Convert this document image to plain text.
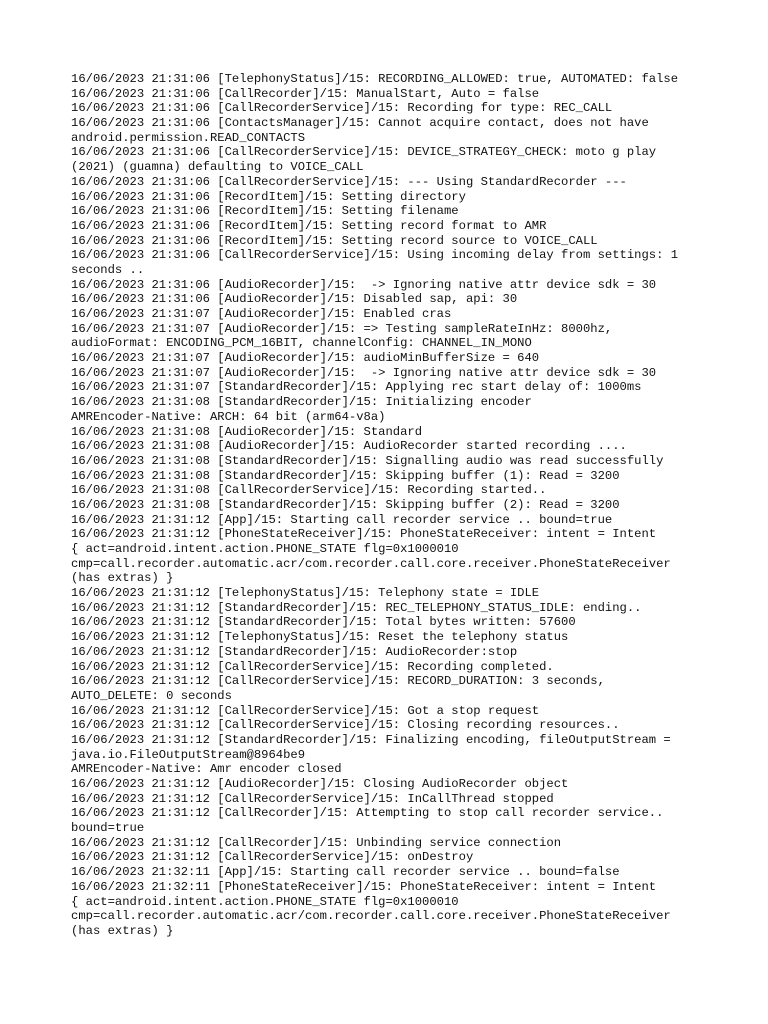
16/06/2023 21:31:06 [TelephonyStatus]/15: RECORDING_ALLOWED: true, AUTOMATED: false
16/06/2023 21:31:06 [CallRecorder]/15: ManualStart, Auto = false
16/06/2023 21:31:06 [CallRecorderService]/15: Recording for type: REC_CALL
16/06/2023 21:31:06 [ContactsManager]/15: Cannot acquire contact, does not have
android.permission.READ_CONTACTS
16/06/2023 21:31:06 [CallRecorderService]/15: DEVICE_STRATEGY_CHECK: moto g play
(2021) (guamna) defaulting to VOICE_CALL
16/06/2023 21:31:06 [CallRecorderService]/15: --- Using StandardRecorder ---
16/06/2023 21:31:06 [RecordItem]/15: Setting directory
16/06/2023 21:31:06 [RecordItem]/15: Setting filename
16/06/2023 21:31:06 [RecordItem]/15: Setting record format to AMR
16/06/2023 21:31:06 [RecordItem]/15: Setting record source to VOICE_CALL
16/06/2023 21:31:06 [CallRecorderService]/15: Using incoming delay from settings: 1
seconds ..
16/06/2023 21:31:06 [AudioRecorder]/15:  -> Ignoring native attr device sdk = 30
16/06/2023 21:31:06 [AudioRecorder]/15: Disabled sap, api: 30
16/06/2023 21:31:07 [AudioRecorder]/15: Enabled cras
16/06/2023 21:31:07 [AudioRecorder]/15: => Testing sampleRateInHz: 8000hz,
audioFormat: ENCODING_PCM_16BIT, channelConfig: CHANNEL_IN_MONO
16/06/2023 21:31:07 [AudioRecorder]/15: audioMinBufferSize = 640
16/06/2023 21:31:07 [AudioRecorder]/15:  -> Ignoring native attr device sdk = 30
16/06/2023 21:31:07 [StandardRecorder]/15: Applying rec start delay of: 1000ms
16/06/2023 21:31:08 [StandardRecorder]/15: Initializing encoder
AMREncoder-Native: ARCH: 64 bit (arm64-v8a)
16/06/2023 21:31:08 [AudioRecorder]/15: Standard
16/06/2023 21:31:08 [AudioRecorder]/15: AudioRecorder started recording ....
16/06/2023 21:31:08 [StandardRecorder]/15: Signalling audio was read successfully
16/06/2023 21:31:08 [StandardRecorder]/15: Skipping buffer (1): Read = 3200
16/06/2023 21:31:08 [CallRecorderService]/15: Recording started..
16/06/2023 21:31:08 [StandardRecorder]/15: Skipping buffer (2): Read = 3200
16/06/2023 21:31:12 [App]/15: Starting call recorder service .. bound=true
16/06/2023 21:31:12 [PhoneStateReceiver]/15: PhoneStateReceiver: intent = Intent
{ act=android.intent.action.PHONE_STATE flg=0x1000010
cmp=call.recorder.automatic.acr/com.recorder.call.core.receiver.PhoneStateReceiver
(has extras) }
16/06/2023 21:31:12 [TelephonyStatus]/15: Telephony state = IDLE
16/06/2023 21:31:12 [StandardRecorder]/15: REC_TELEPHONY_STATUS_IDLE: ending..
16/06/2023 21:31:12 [StandardRecorder]/15: Total bytes written: 57600
16/06/2023 21:31:12 [TelephonyStatus]/15: Reset the telephony status
16/06/2023 21:31:12 [StandardRecorder]/15: AudioRecorder:stop
16/06/2023 21:31:12 [CallRecorderService]/15: Recording completed.
16/06/2023 21:31:12 [CallRecorderService]/15: RECORD_DURATION: 3 seconds,
AUTO_DELETE: 0 seconds
16/06/2023 21:31:12 [CallRecorderService]/15: Got a stop request
16/06/2023 21:31:12 [CallRecorderService]/15: Closing recording resources..
16/06/2023 21:31:12 [StandardRecorder]/15: Finalizing encoding, fileOutputStream =
java.io.FileOutputStream@8964be9
AMREncoder-Native: Amr encoder closed
16/06/2023 21:31:12 [AudioRecorder]/15: Closing AudioRecorder object
16/06/2023 21:31:12 [CallRecorderService]/15: InCallThread stopped
16/06/2023 21:31:12 [CallRecorder]/15: Attempting to stop call recorder service..
bound=true
16/06/2023 21:31:12 [CallRecorder]/15: Unbinding service connection
16/06/2023 21:31:12 [CallRecorderService]/15: onDestroy
16/06/2023 21:32:11 [App]/15: Starting call recorder service .. bound=false
16/06/2023 21:32:11 [PhoneStateReceiver]/15: PhoneStateReceiver: intent = Intent
{ act=android.intent.action.PHONE_STATE flg=0x1000010
cmp=call.recorder.automatic.acr/com.recorder.call.core.receiver.PhoneStateReceiver
(has extras) }
